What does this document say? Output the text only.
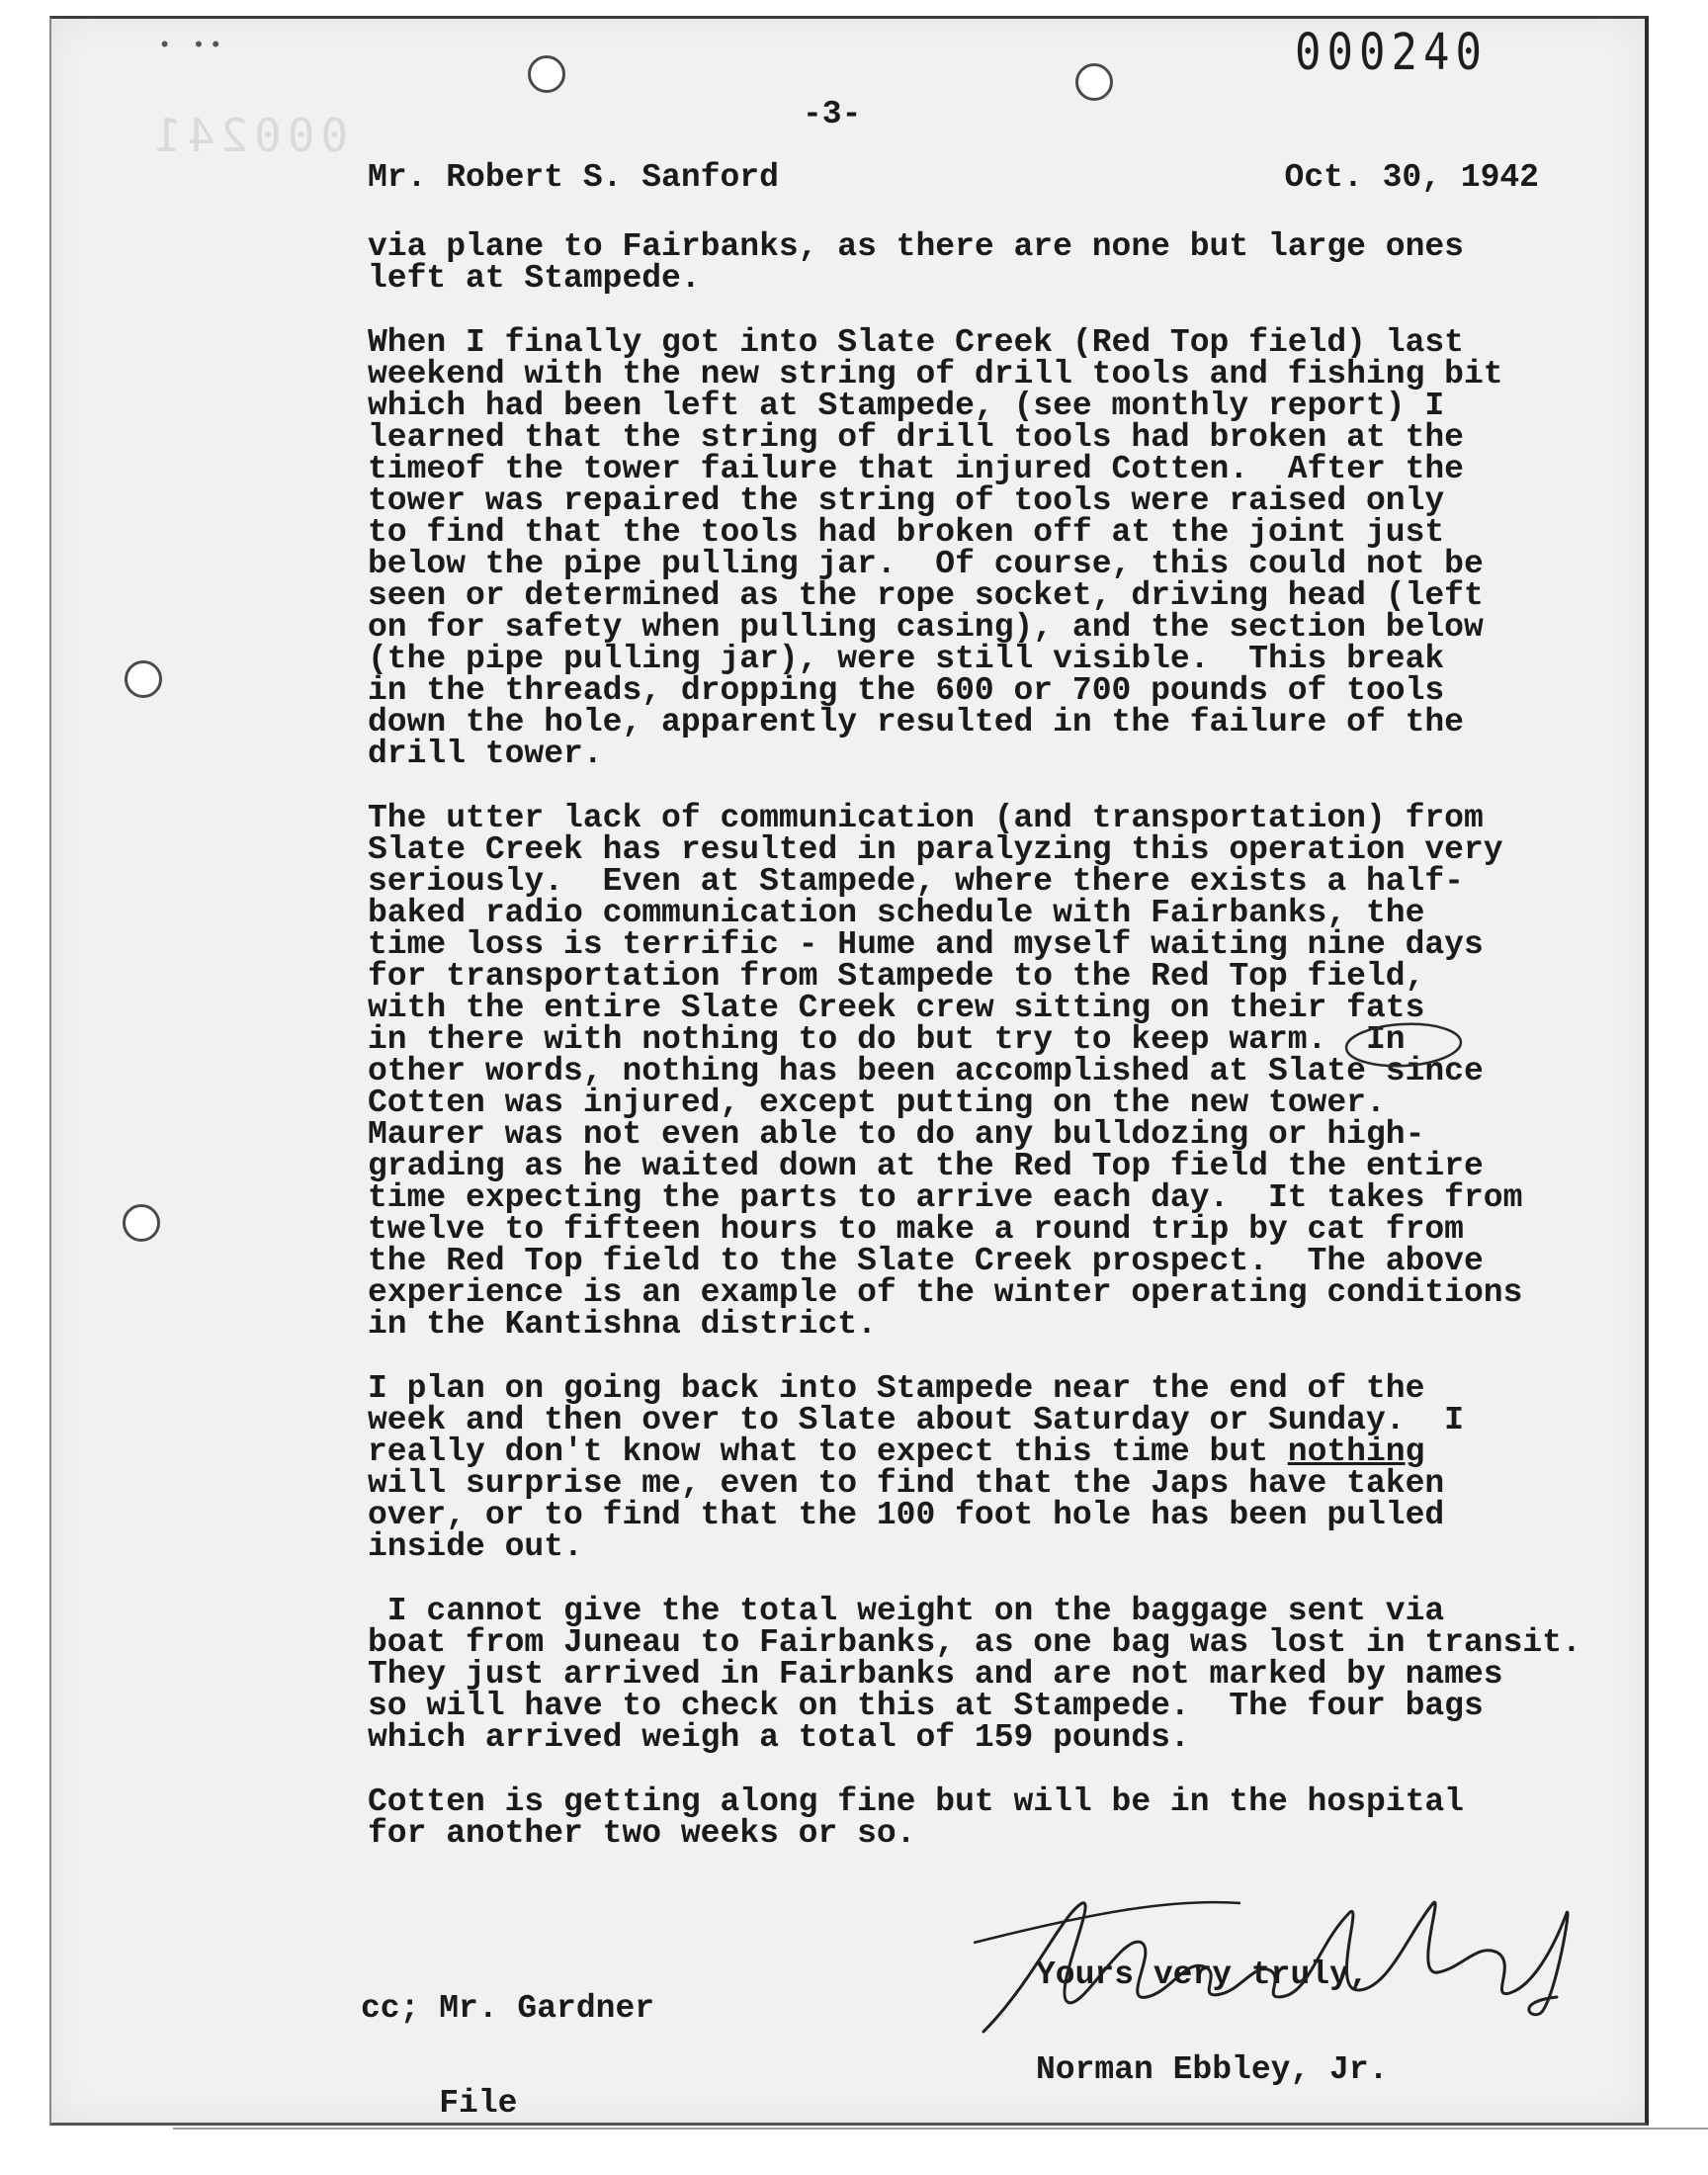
• ••
000241
000240
-3-
Mr. Robert S. Sanford	Oct. 30, 1942
via plane to Fairbanks, as there are none but large ones
left at Stampede.
When I finally got into Slate Creek (Red Top field) last
weekend with the new string of drill tools and fishing bit
which had been left at Stampede, (see monthly report) I
learned that the string of drill tools had broken at the
timeof the tower failure that injured Cotten.  After the
tower was repaired the string of tools were raised only
to find that the tools had broken off at the joint just
below the pipe pulling jar.  Of course, this could not be
seen or determined as the rope socket, driving head (left
on for safety when pulling casing), and the section below
(the pipe pulling jar), were still visible.  This break
in the threads, dropping the 600 or 700 pounds of tools
down the hole, apparently resulted in the failure of the
drill tower.
The utter lack of communication (and transportation) from
Slate Creek has resulted in paralyzing this operation very
seriously.  Even at Stampede, where there exists a half-
baked radio communication schedule with Fairbanks, the
time loss is terrific - Hume and myself waiting nine days
for transportation from Stampede to the Red Top field,
with the entire Slate Creek crew sitting on their fats
in there with nothing to do but try to keep warm.  In
other words, nothing has been accomplished at Slate since
Cotten was injured, except putting on the new tower.
Maurer was not even able to do any bulldozing or high-
grading as he waited down at the Red Top field the entire
time expecting the parts to arrive each day.  It takes from
twelve to fifteen hours to make a round trip by cat from
the Red Top field to the Slate Creek prospect.  The above
experience is an example of the winter operating conditions
in the Kantishna district.
I plan on going back into Stampede near the end of the
week and then over to Slate about Saturday or Sunday.  I
really don't know what to expect this time but nothing
will surprise me, even to find that the Japs have taken
over, or to find that the 100 foot hole has been pulled
inside out.
I cannot give the total weight on the baggage sent via
boat from Juneau to Fairbanks, as one bag was lost in transit.
They just arrived in Fairbanks and are not marked by names
so will have to check on this at Stampede.  The four bags
which arrived weigh a total of 159 pounds.
Cotten is getting along fine but will be in the hospital
for another two weeks or so.

cc; Mr. Gardner

File

Yours very truly,

Norman Ebbley, Jr.
